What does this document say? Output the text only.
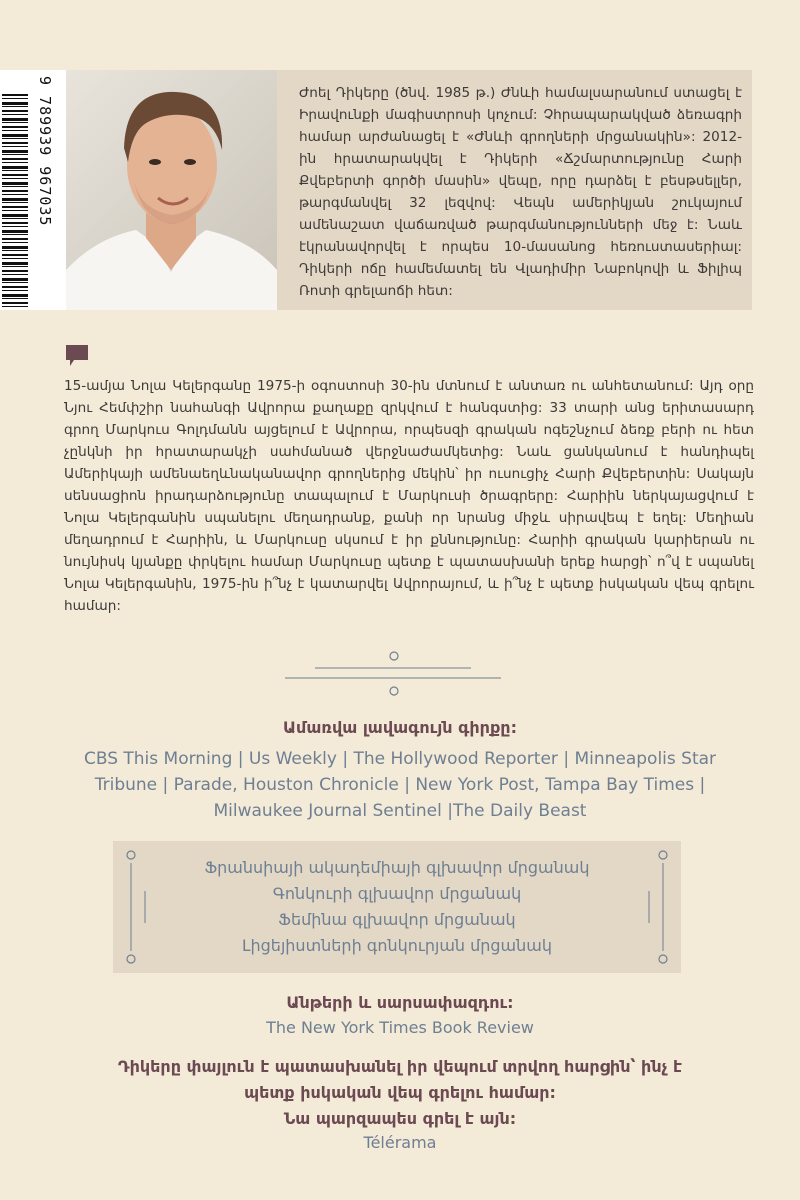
9 789939 967035	Ժոել Դիկերը (ծնվ. 1985 թ.) Ժնևի համալսարանում ստացել է Իրավունքի մագիստրոսի կոչում: Չհրապարակված ձեռագրի համար արժանացել է «Ժնևի գրողների մրցանակին»: 2012-ին հրատարակվել է Դիկերի «Ճշմարտությունը Հարի Քվեբերտի գործի մասին» վեպը, որը դարձել է բեսթսելլեր, թարգմանվել 32 լեզվով: Վեպն ամերիկյան շուկայում ամենաշատ վաճառված թարգմանությունների մեջ է: Նաև էկրանավորվել է որպես 10-մասանոց հեռուստասերիալ: Դիկերի ոճը համեմատել են Վլադիմիր Նաբոկովի և Ֆիլիպ Ռոտի գրելաոճի հետ:
15-ամյա Նոլա Կելերգանը 1975-ի օգոստոսի 30-ին մտնում է անտառ ու անհետանում: Այդ օրը Նյու Հեմփշիր նահանգի Ավրորա քաղաքը զրկվում է հանգստից: 33 տարի անց երիտասարդ գրող Մարկուս Գոլդմանն այցելում է Ավրորա, որպեսզի գրական ոգեշնչում ձեռք բերի ու հետ չընկնի իր հրատարակչի սահմանած վերջնաժամկետից: Նաև ցանկանում է հանդիպել Ամերիկայի ամենաեղևնականավոր գրողներից մեկին՝ իր ուսուցիչ Հարի Քվեբերտին: Սակայն սենսացիոն իրադարձությունը տապալում է Մարկուսի ծրագրերը: Հարիին ներկայացվում է Նոլա Կելերգանին սպանելու մեղադրանք, քանի որ նրանց միջև սիրավեպ է եղել: Մեղիան մեղադրում է Հարիին, և Մարկուսը սկսում է իր քննությունը: Հարիի գրական կարիերան ու նույնիսկ կյանքը փրկելու համար Մարկուսը պետք է պատասխանի երեք հարցի՝ ո՞վ է սպանել Նոլա Կելերգանին, 1975-ին ի՞նչ է կատարվել Ավրորայում, և ի՞նչ է պետք իսկական վեպ գրելու համար:
Ամառվա լավագույն գիրքը:
CBS This Morning | Us Weekly | The Hollywood Reporter | Minneapolis Star Tribune | Parade, Houston Chronicle | New York Post, Tampa Bay Times | Milwaukee Journal Sentinel |The Daily Beast
Ֆրանսիայի ակադեմիայի գլխավոր մրցանակ
Գոնկուրի գլխավոր մրցանակ
Ֆեմինա գլխավոր մրցանակ
Լիցեյիստների գոնկուրյան մրցանակ
Անթերի և սարսափազդու:
The New York Times Book Review
Դիկերը փայլուն է պատասխանել իր վեպում տրվող հարցին՝ ինչ է
պետք իսկական վեպ գրելու համար:
Նա պարզապես գրել է այն:
Télérama
